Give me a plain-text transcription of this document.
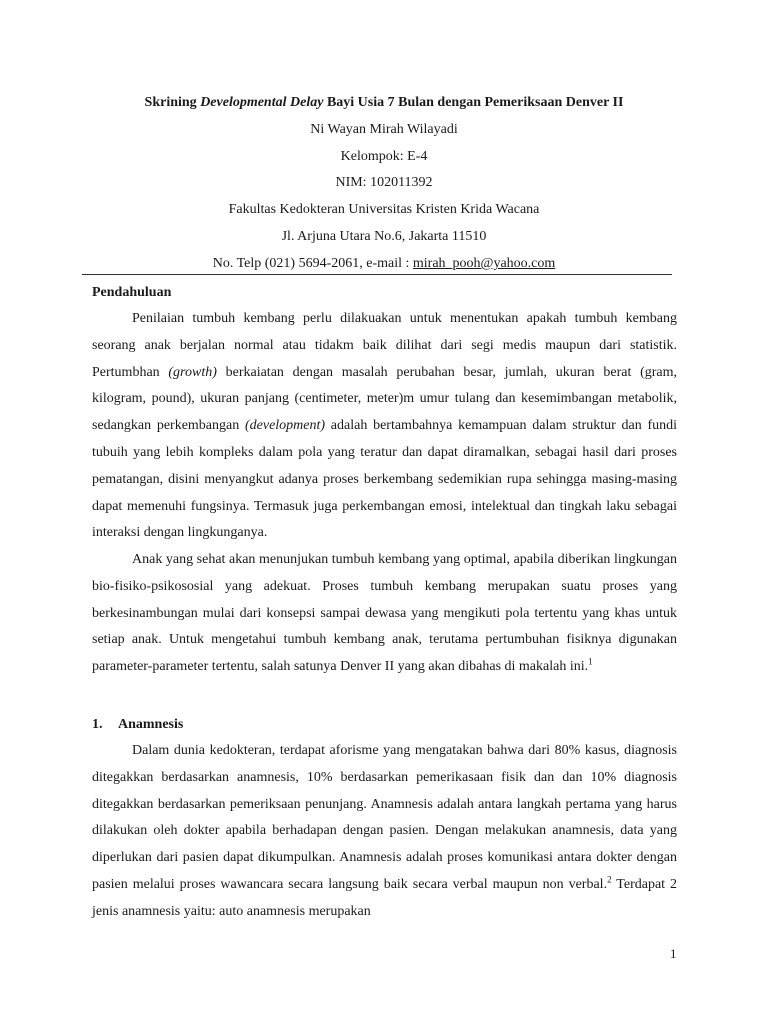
Skrining Developmental Delay Bayi Usia 7 Bulan dengan Pemeriksaan Denver II
Ni Wayan Mirah Wilayadi
Kelompok: E-4
NIM: 102011392
Fakultas Kedokteran Universitas Kristen Krida Wacana
Jl. Arjuna Utara No.6, Jakarta 11510
No. Telp (021) 5694-2061, e-mail : mirah_pooh@yahoo.com
Pendahuluan

Penilaian tumbuh kembang perlu dilakuakan untuk menentukan apakah tumbuh kembang seorang anak berjalan normal atau tidakm baik dilihat dari segi medis maupun dari statistik. Pertumbhan (growth) berkaiatan dengan masalah perubahan besar, jumlah, ukuran berat (gram, kilogram, pound), ukuran panjang (centimeter, meter)m umur tulang dan kesemimbangan metabolik, sedangkan perkembangan (development) adalah bertambahnya kemampuan dalam struktur dan fundi tubuih yang lebih kompleks dalam pola yang teratur dan dapat diramalkan, sebagai hasil dari proses pematangan, disini menyangkut adanya proses berkembang sedemikian rupa sehingga masing-masing dapat memenuhi fungsinya. Termasuk juga perkembangan emosi, intelektual dan tingkah laku sebagai interaksi dengan lingkunganya.

Anak yang sehat akan menunjukan tumbuh kembang yang optimal, apabila diberikan lingkungan bio-fisiko-psikososial yang adekuat. Proses tumbuh kembang merupakan suatu proses yang berkesinambungan mulai dari konsepsi sampai dewasa yang mengikuti pola tertentu yang khas untuk setiap anak. Untuk mengetahui tumbuh kembang anak, terutama pertumbuhan fisiknya digunakan parameter-parameter tertentu, salah satunya Denver II yang akan dibahas di makalah ini.$^1$

1. Anamnesis

Dalam dunia kedokteran, terdapat aforisme yang mengatakan bahwa dari 80% kasus, diagnosis ditegakkan berdasarkan anamnesis, 10% berdasarkan pemerikasaan fisik dan dan 10% diagnosis ditegakkan berdasarkan pemeriksaan penunjang. Anamnesis adalah antara langkah pertama yang harus dilakukan oleh dokter apabila berhadapan dengan pasien. Dengan melakukan anamnesis, data yang diperlukan dari pasien dapat dikumpulkan. Anamnesis adalah proses komunikasi antara dokter dengan pasien melalui proses wawancara secara langsung baik secara verbal maupun non verbal.$^2$ Terdapat 2 jenis anamnesis yaitu: auto anamnesis merupakan

1
